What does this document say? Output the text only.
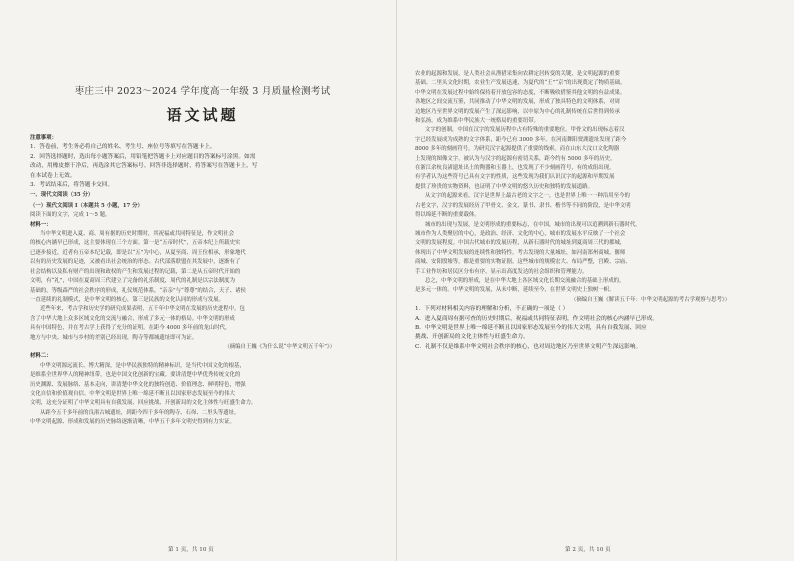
枣庄三中 2023～2024 学年度高一年级 3 月质量检测考试
语文试题
注意事项：
1．答卷前，考生务必将自己的姓名、考生号、座位号等填写在答题卡上。
2．回答选择题时，选出每小题答案后，用铅笔把答题卡上对应题目的答案标号涂黑。如需
改动，用橡皮擦干净后，再选涂其它答案标号。回答非选择题时，将答案写在答题卡上，写
在本试卷上无效。
3．考试结束后，将答题卡交回。
一、现代文阅读（35 分）
（一）现代文阅读 I（本题共 5 小题，17 分）
阅读下面的文字，完成 1～5 题。
材料一：
当中华文明进入夏、商、周有据的历史时期时，其祝福或共同特征是，作文明社会
的核心内涵早已形成，这主要体现在三个方面。第一是“五帝时代”，五帝本纪上所载史实
已逐步接近，近者有五帝本纪记载，即是以“五”为中心，从夏至商、周王位相承，形象地代
以有的历史发展的足迹，又被看出社会统治的形态。古代部落联盟在其发展中，逐渐有了
社会结构以及私有财产的出现和政权的产生和发展过程的记载，第二是从五帝时代开始的
文明，有“礼”，中国在夏商周三代建立了完备的礼乐制度，周代的礼制是以宗法制度为
基础的，等级森严的社会秩序的形成，礼仪规范体系，“亲亲”与“尊尊”的结合，天子、诸侯
一直延续的礼制模式，是中华文明的核心，第三是民族的文化认同的形成与发展。
近些年来，考古学和历史学的研究成果表明，五千年中华文明在发展的历史进程中，包
含了中华大地上众多区域文化的交流与融合，形成了多元一体的格局。中华文明的形成
具有中国特色，并在考古学上获得了充分的证明。在距今 4000 多年前的龙山时代，
地方与中央、城市与乡村的差别已经出现，陶寺等都城遗址即可为证。
（摘编自王巍《为什么说“中华文明五千年”》）
材料二：
中华文明源远流长、博大精深，是中华民族独特的精神标识，是当代中国文化的根基，
是维系全世界华人的精神纽带，也是中国文化创新的宝藏。要讲清楚中华优秀传统文化的
历史渊源、发展脉络、基本走向，讲清楚中华文化的独特创造、价值理念、鲜明特色，增强
文化自信和价值观自信。中华文明是世界上唯一绵延不断且以国家形态发展至今的伟大
文明，这充分证明了中华文明具有自我发展、回应挑战、开创新局的文化主体性与旺盛生命力。
从距今五千多年前的良渚古城遗址，到距今四千多年的陶寺、石峁、二里头等遗址，
中华文明起源、形成和发展的历史脉络逐渐清晰，中华五千多年文明史得到有力实证。
第 1 页，共 10 页
农业的起源和发展，是人类社会从渔猎采集向农耕定居转变的关键，是文明起源的重要
基础。二里头文化时期，农业生产发展迅速，为夏代的“王”“京”的出现奠定了物质基础，
中华文明在发展过程中始终保持着开放包容的态度，不断吸收借鉴其他文明的有益成果。
各地区之间交流互鉴，共同推动了中华文明的发展，形成了独具特色的文明体系，对周
边地区乃至世界文明的发展产生了深远影响，以中原为中心的礼制传统在后世得到传承
和弘扬，成为维系中华民族大一统格局的重要纽带。
文字的创制，中国在汉字的发展历程中占有特殊的重要地位。甲骨文的出现标志着汉
字已经发展成为成熟的文字体系，距今已有 3000 多年。在河南舞阳贾湖遗址发现了距今
8000 多年的刻画符号，为研究汉字起源提供了重要的线索。而在山东大汶口文化陶器
上发现的图像文字，被认为与汉字的起源有密切关系，距今约有 5000 多年的历史。
在浙江余杭良渚遗址出土的陶器和玉器上，也发现了不少刻画符号，有的成组出现，
有学者认为这些符号已具有文字的性质，这些发现为我们认识汉字的起源和早期发展
提供了珍贵的实物资料，也证明了中华文明的悠久历史和独特的发展道路。
从文字的起源来看，汉字是世界上最古老的文字之一，也是世界上唯一一种沿用至今的
古老文字，汉字的发展经历了甲骨文、金文、篆书、隶书、楷书等不同的阶段，是中华文明
得以绵延不断的重要载体。
城市的出现与发展，是文明形成的重要标志，在中国，城市的出现可以追溯到新石器时代。
城市作为人类聚居的中心，是政治、经济、文化的中心，城市的发展水平反映了一个社会
文明的发展程度。中国古代城市的发展历程，从新石器时代的城址到夏商周三代的都城，
体现出了中华文明发展的连续性和独特性。考古发现的大量城址，如河南郑州商城、偃师
商城、安阳殷墟等，都是重要的实物证据。这些城市的规模宏大、布局严整，宫殿、宗庙、
手工业作坊和居民区分布有序，显示出高度发达的社会组织和管理能力。
总之，中华文明的形成，是在中华大地上各区域文化长期交流融合的基础上形成的，
是多元一体的。中华文明的发展，从未中断，延续至今，在世界文明史上独树一帜。
（摘编自王巍《解读五千年：中华文明起源的考古学观察与思考》）
1．下列对材料相关内容的理解和分析，不正确的一项是（ ）
A．进入夏商周有据可查的历史时期后，祝福或共同特征表明，作文明社会的核心内涵早已形成。
B．中华文明是世界上唯一绵延不断且以国家形态发展至今的伟大文明，具有自我发展、回应
挑战、开创新局的文化主体性与旺盛生命力。
C．礼制不仅是维系中华文明社会秩序的核心，也对周边地区乃至世界文明产生深远影响。
第 2 页，共 10 页
